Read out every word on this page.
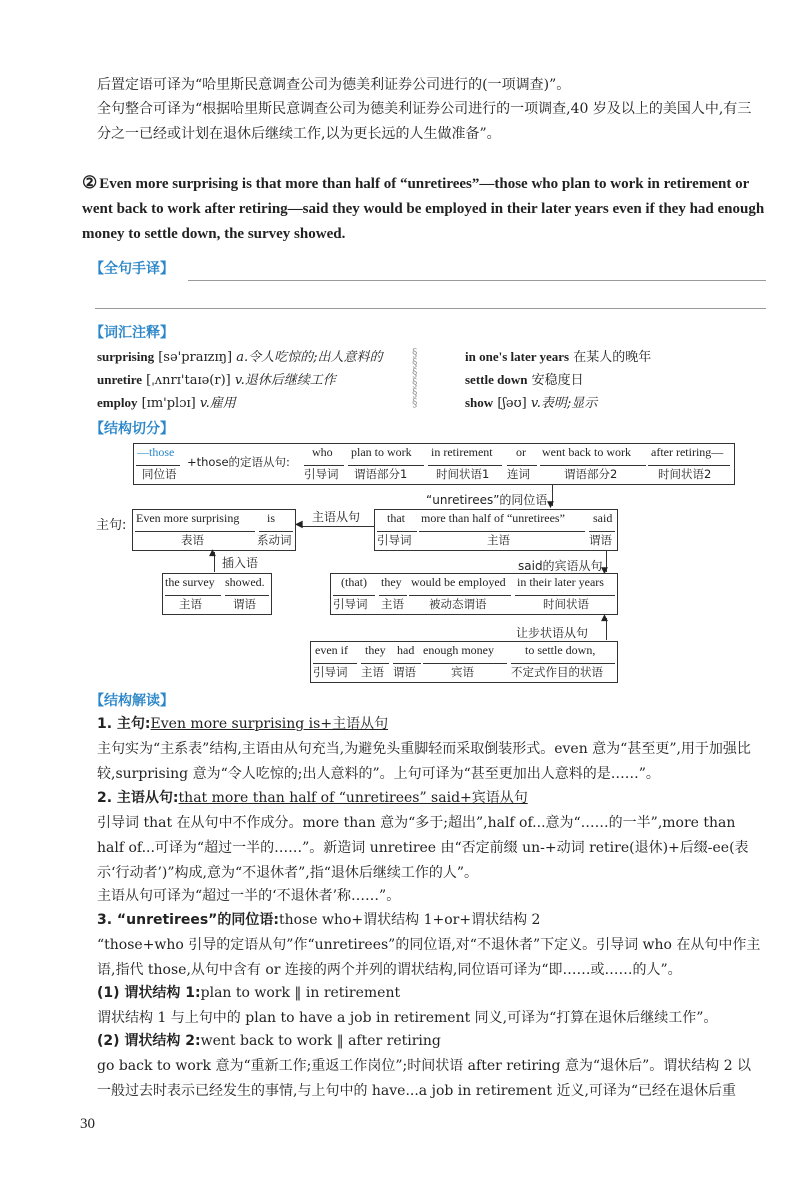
后置定语可译为“哈里斯民意调查公司为德美利证券公司进行的(一项调查)”。

全句整合可译为“根据哈里斯民意调查公司为德美利证券公司进行的一项调查,40 岁及以上的美国人中,有三分之一已经或计划在退休后继续工作,以为更长远的人生做准备”。

② Even more surprising is that more than half of “unretirees”—those who plan to work in retirement or went back to work after retiring—said they would be employed in their later years even if they had enough money to settle down, the survey showed.
【全句手译】
【词汇注释】
surprising [sə'praɪzɪŋ] a.令人吃惊的;出人意料的
unretire [ˌʌnrɪ'taɪə(r)] v.退休后继续工作
employ [ɪm'plɔɪ] v.雇用
§
§
§
§
§
§
in one's later years 在某人的晚年
settle down 安稳度日
show [ʃəʊ] v.表明;显示
【结构切分】
—those
同位语
+those的定语从句:
who
引导词
plan to work
谓语部分1
in retirement
时间状语1
or
连词
went back to work
谓语部分2
after retiring—
时间状语2
“unretirees”的同位语 ▼
主句: Even more surprising
表语
is
系动词
主语从句
◀	that
引导词
more than half of “unretirees”
主语
said
谓语
▲
插入语
the survey
主语
showed.
谓语
▼
said的宾语从句
(that)
引导词
they
主语
would be employed
被动态谓语
in their later years
时间状语
▲
让步状语从句
even if
引导词
they
主语
had
谓语
enough money
宾语
to settle down,
不定式作目的状语
【结构解读】
1. 主句:Even more surprising is+主语从句

主句实为“主系表”结构,主语由从句充当,为避免头重脚轻而采取倒装形式。even 意为“甚至更”,用于加强比较,surprising 意为“令人吃惊的;出人意料的”。上句可译为“甚至更加出人意料的是……”。

2. 主语从句:that more than half of “unretirees” said+宾语从句

引导词 that 在从句中不作成分。more than 意为“多于;超出”,half of...意为“……的一半”,more than half of...可译为“超过一半的……”。新造词 unretiree 由“否定前缀 un-+动词 retire(退休)+后缀-ee(表示‘行动者’)”构成,意为“不退休者”,指“退休后继续工作的人”。

主语从句可译为“超过一半的‘不退休者’称……”。

3. “unretirees”的同位语:those who+谓状结构 1+or+谓状结构 2

“those+who 引导的定语从句”作“unretirees”的同位语,对“不退休者”下定义。引导词 who 在从句中作主语,指代 those,从句中含有 or 连接的两个并列的谓状结构,同位语可译为“即……或……的人”。

(1) 谓状结构 1:plan to work ‖ in retirement

谓状结构 1 与上句中的 plan to have a job in retirement 同义,可译为“打算在退休后继续工作”。

(2) 谓状结构 2:went back to work ‖ after retiring

go back to work 意为“重新工作;重返工作岗位”;时间状语 after retiring 意为“退休后”。谓状结构 2 以一般过去时表示已经发生的事情,与上句中的 have...a job in retirement 近义,可译为“已经在退休后重

30
